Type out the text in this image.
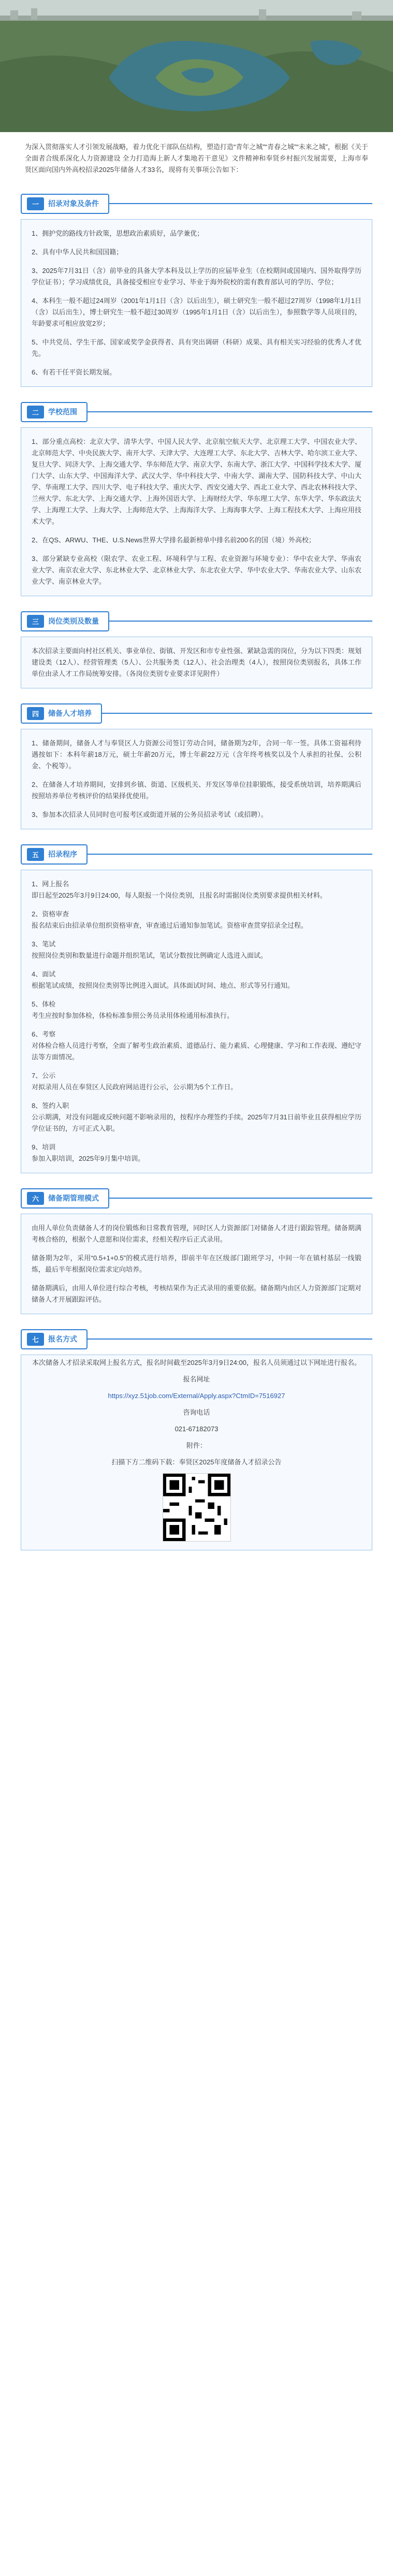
为深入贯彻落实人才引领发展战略，着力优化干部队伍结构，塑造打造“青年之城”“青春之城”“未来之城”，根据《关于全面者合级系深化人力资源建设 全力打造海上新人才集地若干意见》文件精神和奉贤乡村振兴发展需要，上海市奉贤区面向国内外高校招录2025年储备人才33名，现将有关事项公告如下：
一	招录对象及条件

1、拥护党的路线方针政策，思想政治素质好，品学兼优；

2、具有中华人民共和国国籍；

3、2025年7月31日（含）前毕业的具备大学本科及以上学历的应届毕业生（在校期间或国境内、国外取得学历学位证书）；学习成绩优良，具备接受相应专业学习、毕业于海外院校的需有教育部认可的学历、学位；

4、本科生一般不超过24周岁（2001年1月1日（含）以后出生），硕士研究生一般不超过27周岁（1998年1月1日（含）以后出生），博士研究生一般不超过30周岁（1995年1月1日（含）以后出生），参照数学等人员项目的，年龄要求可相应放宽2岁；

5、中共党员、学生干部、国家或奖学金获得者、具有突出调研（科研）成果、具有相关实习经验的优秀人才优先。

6、有若干任平资长期发展。

二	学校范围

1、部分重点高校：北京大学、清华大学、中国人民大学、北京航空航天大学、北京理工大学、中国农业大学、北京师范大学、中央民族大学、南开大学、天津大学、大连理工大学、东北大学、吉林大学、哈尔滨工业大学、复旦大学、同济大学、上海交通大学、华东师范大学、南京大学、东南大学、浙江大学、中国科学技术大学、厦门大学、山东大学、中国海洋大学、武汉大学、华中科技大学、中南大学、湖南大学、国防科技大学、中山大学、华南理工大学、四川大学、电子科技大学、重庆大学、西安交通大学、西北工业大学、西北农林科技大学、兰州大学、东北大学、上海交通大学、上海外国语大学、上海财经大学、华东理工大学、东华大学、华东政法大学、上海理工大学、上海大学、上海师范大学、上海海洋大学、上海海事大学、上海工程技术大学、上海应用技术大学。

2、在QS、ARWU、THE、U.S.News世界大学排名最新榜单中排名前200名的国（境）外高校；

3、部分紧缺专业高校（限农学、农业工程、环境科学与工程、农业资源与环境专业）：华中农业大学、华南农业大学、南京农业大学、东北林业大学、北京林业大学、东北农业大学、华中农业大学、华南农业大学、山东农业大学、南京林业大学。

三	岗位类别及数量

本次招录主要面向村社区机关、事业单位、街镇、开发区和市专业性强、紧缺急需的岗位，分为以下四类：规划建设类（12人）、经营管理类（5人）、公共服务类（12人）、社会治理类（4人），按照岗位类别报名，具体工作单位由录人才工作局统筹安排。（各岗位类别专业要求详见附件）

四	储备人才培养

1、储备期间，储备人才与奉贤区人力资源公司签订劳动合同，储备期为2年，合同一年一签。具体工资福利待遇按如下：本科年薪18万元，硕士年薪20万元，博士年薪22万元（含年终考核奖以及个人承担的社保、公积金、个税等）。

2、在储备人才培养期间，安排到乡镇、街道、区级机关、开发区等单位挂职锻炼，接受系统培训，培养期满后按照培养单位考核评价的结果择优使用。

3、参加本次招录人员同时也可报考区或街道开展的公务员招录考试（或招聘）。

五	招录程序

1、网上报名
即日起至2025年3月9日24:00，每人限报一个岗位类别，且报名时需据岗位类别要求提供相关材料。

2、资格审查
报名结束后由招录单位组织资格审查，审查通过后通知参加笔试。资格审查贯穿招录全过程。

3、笔试
按照岗位类别和数量进行命题并组织笔试，笔试分数按比例确定人选进入面试。

4、面试
根据笔试成绩，按照岗位类别等比例进入面试。具体面试时间、地点、形式等另行通知。

5、体检
考生应按时参加体检，体检标准参照公务员录用体检通用标准执行。

6、考察
对体检合格人员进行考察，全面了解考生政治素质、道德品行、能力素质、心理健康、学习和工作表现、遵纪守法等方面情况。

7、公示
对拟录用人员在奉贤区人民政府网站进行公示，公示期为5个工作日。

8、签约入职
公示期满，对没有问题或反映问题不影响录用的，按程序办理签约手续。2025年7月31日前毕业且获得相应学历学位证书的，方可正式入职。

9、培训
参加入职培训，2025年9月集中培训。

六	储备期管理模式

由用人单位负责储备人才的岗位锻炼和日常教育管理，同时区人力资源部门对储备人才进行跟踪管理。储备期满考核合格的，根据个人意愿和岗位需求，经相关程序后正式录用。

储备期为2年，采用“0.5+1+0.5”的模式进行培养，即前半年在区级部门跟班学习，中间一年在镇村基层一线锻炼，最后半年根据岗位需求定向培养。

储备期满后，由用人单位进行综合考核，考核结果作为正式录用的重要依据。储备期内由区人力资源部门定期对储备人才开展跟踪评估。

七	报名方式

本次储备人才招录采取网上报名方式，报名时间截至2025年3月9日24:00，报名人员须通过以下网址进行报名。

报名网址

https://xyz.51job.com/External/Apply.aspx?CtmID=7516927

咨询电话

021-67182073

附件：

扫描下方二维码下载：奉贤区2025年度储备人才招录公告
